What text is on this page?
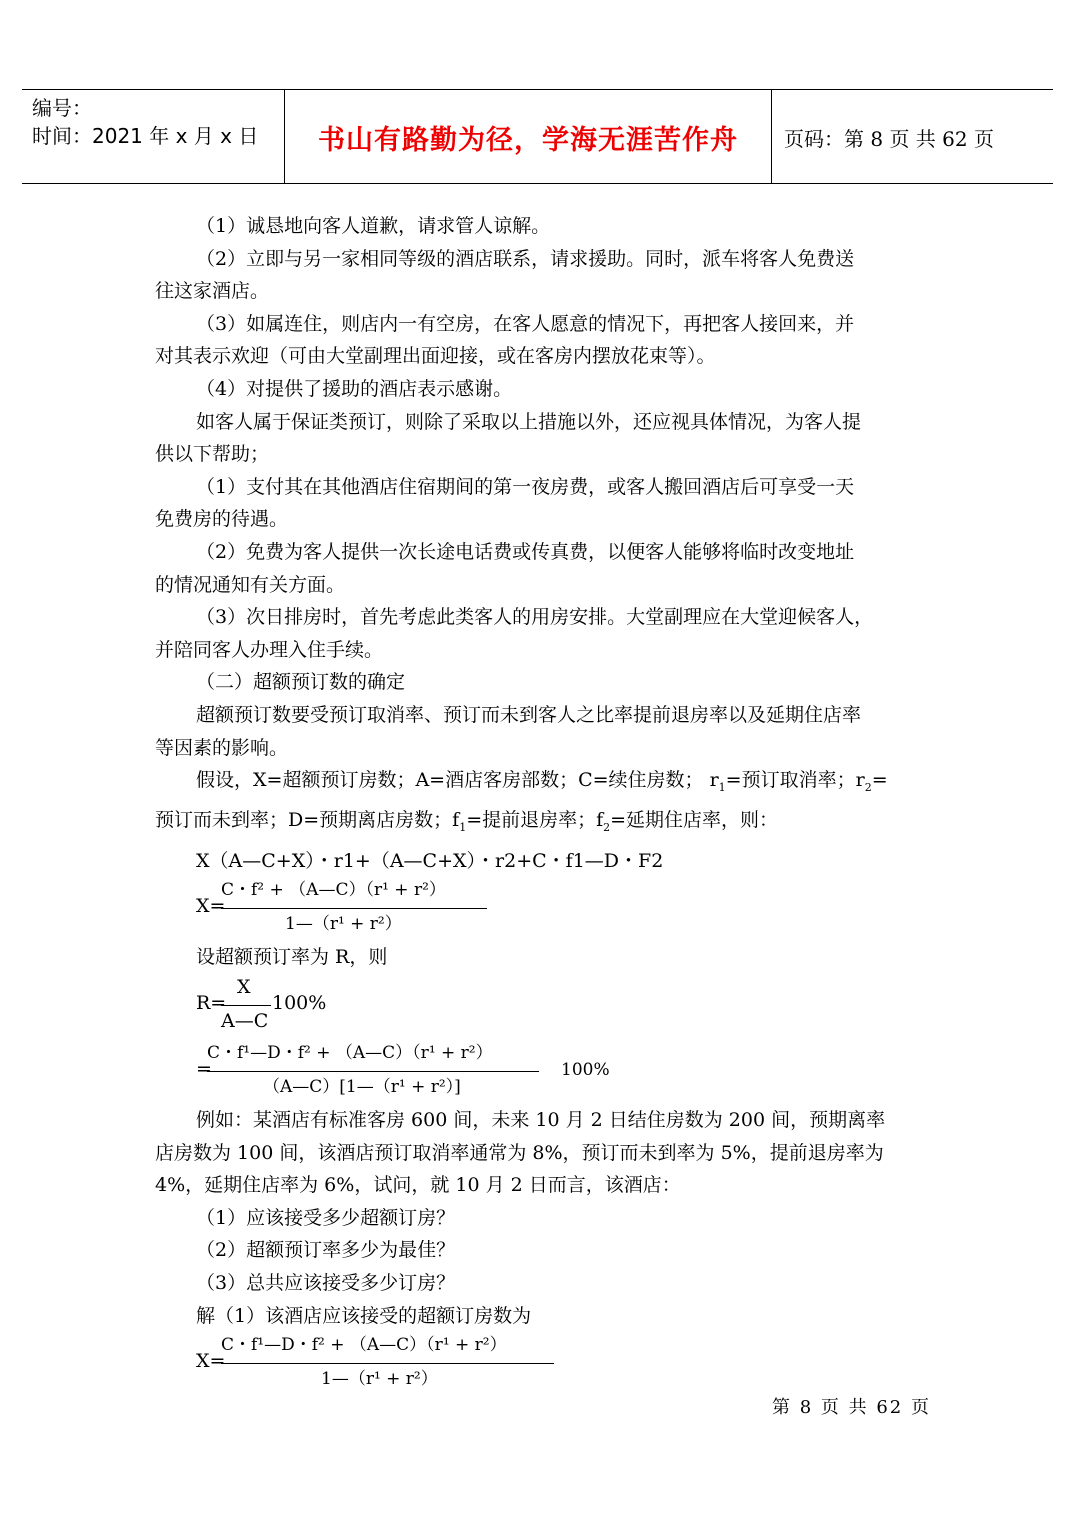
编号：
时间：2021 年 x 月 x 日	书山有路勤为径，学海无涯苦作舟	页码：第 8 页 共 62 页

（1）诚恳地向客人道歉，请求管人谅解。

（2）立即与另一家相同等级的酒店联系，请求援助。同时，派车将客人免费送

往这家酒店。

（3）如属连住，则店内一有空房，在客人愿意的情况下，再把客人接回来，并

对其表示欢迎（可由大堂副理出面迎接，或在客房内摆放花束等）。

（4）对提供了援助的酒店表示感谢。

如客人属于保证类预订，则除了采取以上措施以外，还应视具体情况，为客人提

供以下帮助；

（1）支付其在其他酒店住宿期间的第一夜房费，或客人搬回酒店后可享受一天

免费房的待遇。

（2）免费为客人提供一次长途电话费或传真费，以便客人能够将临时改变地址

的情况通知有关方面。

（3）次日排房时，首先考虑此类客人的用房安排。大堂副理应在大堂迎候客人，

并陪同客人办理入住手续。

（二）超额预订数的确定

超额预订数要受预订取消率、预订而未到客人之比率提前退房率以及延期住店率

等因素的影响。

假设，X=超额预订房数；A=酒店客房部数；C=续住房数； $r_1=$预订取消率；$r_2=$

预订而未到率；D=预期离店房数；$f_1=$提前退房率；$f_2=$延期住店率，则：

X（A—C+X）・r1+（A—C+X）・r2+C・f1—D・F2

X=
C・f² + （A—C）（r¹ + r²）
1—（r¹ + r²）

设超额预订率为 R，则

R=
X
A—C
100%
=
C・f¹—D・f² + （A—C）（r¹ + r²）
（A—C）[1—（r¹ + r²）]
100%

例如：某酒店有标准客房 600 间，未来 10 月 2 日结住房数为 200 间，预期离率

店房数为 100 间，该酒店预订取消率通常为 8%，预订而未到率为 5%，提前退房率为

4%，延期住店率为 6%，试问，就 10 月 2 日而言，该酒店：

（1）应该接受多少超额订房？

（2）超额预订率多少为最佳？

（3）总共应该接受多少订房？

解（1）该酒店应该接受的超额订房数为

X=
C・f¹—D・f² + （A—C）（r¹ + r²）
1—（r¹ + r²）
第 8 页 共 62 页
